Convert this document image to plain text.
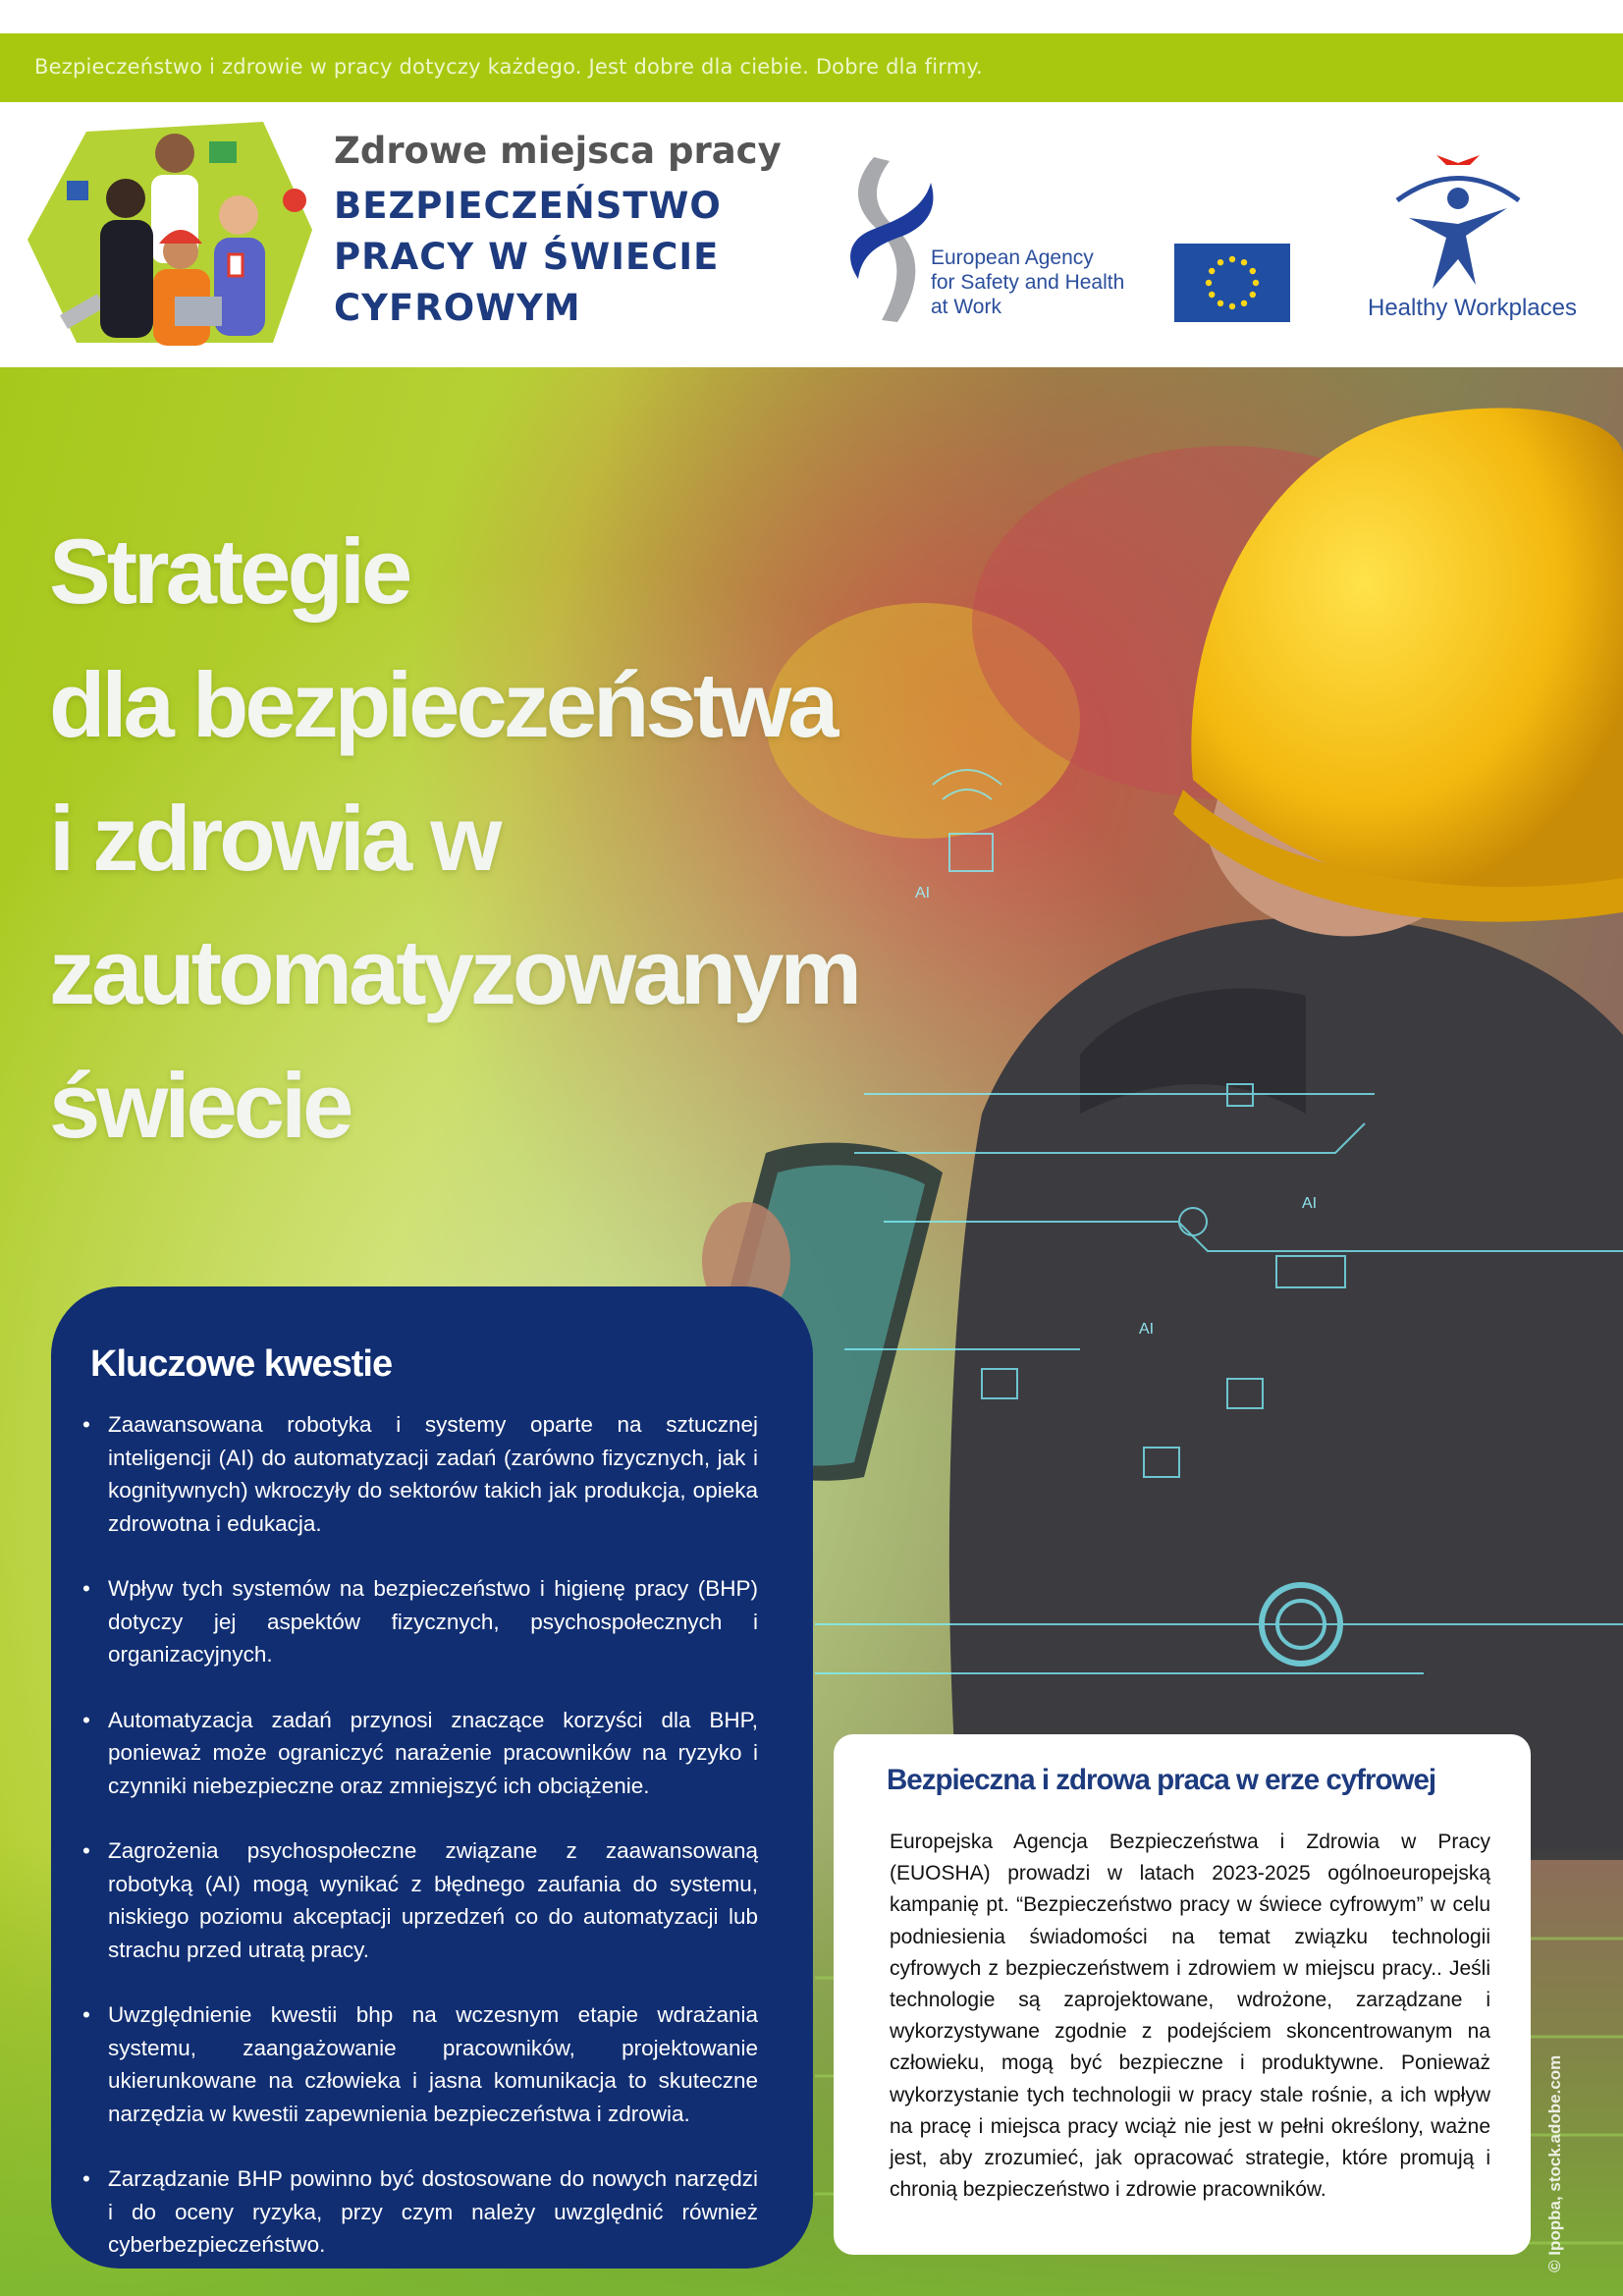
Bezpieczeństwo i zdrowie w pracy dotyczy każdego. Jest dobre dla ciebie. Dobre dla firmy.
Zdrowe miejsca pracy
BEZPIECZEŃSTWO
PRACY W ŚWIECIE
CYFROWYM
European Agency
for Safety and Health
at Work	Healthy Workplaces
AI
AI
AI
Strategie
dla bezpieczeństwa
i zdrowia w
zautomatyzowanym
świecie
Kluczowe kwestie
• Zaawansowana robotyka i systemy oparte na sztucznej inteligencji (AI) do automatyzacji zadań (zarówno fizycznych, jak i kognitywnych) wkroczyły do sektorów takich jak produkcja, opieka zdrowotna i edukacja.
• Wpływ tych systemów na bezpieczeństwo i higienę pracy (BHP) dotyczy jej aspektów fizycznych, psychospołecznych i organizacyjnych.
• Automatyzacja zadań przynosi znaczące korzyści dla BHP, ponieważ może ograniczyć narażenie pracowników na ryzyko i czynniki niebezpieczne oraz zmniejszyć ich obciążenie.
• Zagrożenia psychospołeczne związane z zaawansowaną robotyką (AI) mogą wynikać z błędnego zaufania do systemu, niskiego poziomu akceptacji uprzedzeń co do automatyzacji lub strachu przed utratą pracy.
• Uwzględnienie kwestii bhp na wczesnym etapie wdrażania systemu, zaangażowanie pracowników, projektowanie ukierunkowane na człowieka i jasna komunikacja to skuteczne narzędzia w kwestii zapewnienia bezpieczeństwa i zdrowia.
• Zarządzanie BHP powinno być dostosowane do nowych narzędzi i do oceny ryzyka, przy czym należy uwzględnić również cyberbezpieczeństwo.
Bezpieczna i zdrowa praca w erze cyfrowej
Europejska Agencja Bezpieczeństwa i Zdrowia w Pracy (EUOSHA) prowadzi w latach 2023-2025 ogólnoeuropejską kampanię pt. “Bezpieczeństwo pracy w świece cyfrowym” w celu podniesienia świadomości na temat związku technologii cyfrowych z bezpieczeństwem i zdrowiem w miejscu pracy.. Jeśli technologie są zaprojektowane, wdrożone, zarządzane i wykorzystywane zgodnie z podejściem skoncentrowanym na człowieku, mogą być bezpieczne i produktywne. Ponieważ wykorzystanie tych technologii w pracy stale rośnie, a ich wpływ na pracę i miejsca pracy wciąż nie jest w pełni określony, ważne jest, aby zrozumieć, jak opracować strategie, które promują i chronią bezpieczeństwo i zdrowie pracowników.	© Ipopba, stock.adobe.com
